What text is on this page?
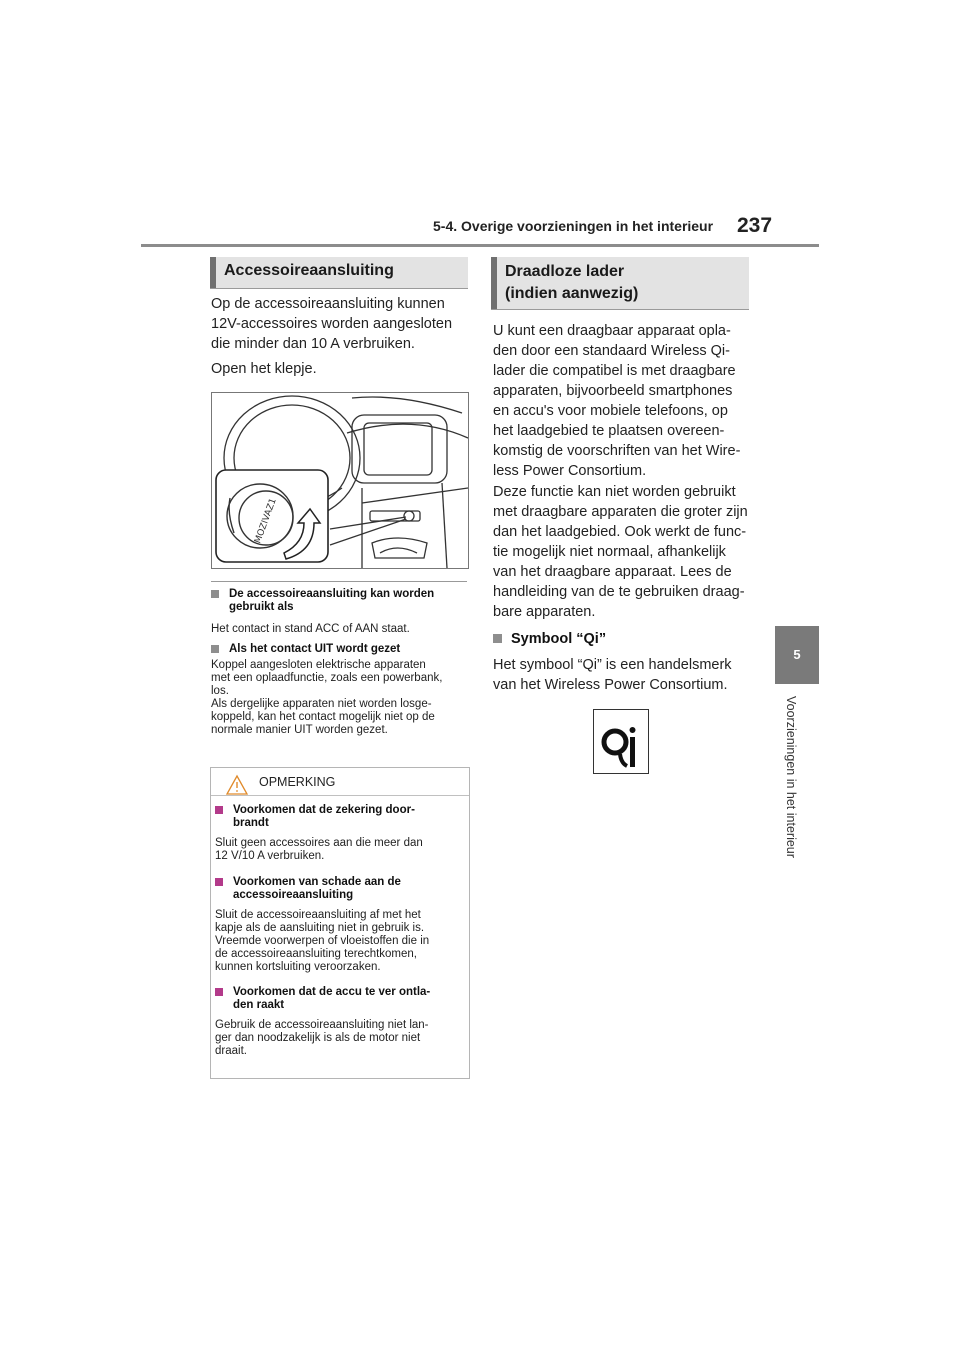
5-4. Overige voorzieningen in het interieur 237
5
Voorzieningen in het interieur
Accessoireaansluiting
Op de accessoireaansluiting kunnen
12V-accessoires worden aangesloten
die minder dan 10 A verbruiken.
Open het klepje.
MOZIVAZ1
De accessoireaansluiting kan worden
gebruikt als
Het contact in stand ACC of AAN staat.
Als het contact UIT wordt gezet
Koppel aangesloten elektrische apparaten
met een oplaadfunctie, zoals een powerbank,
los.
Als dergelijke apparaten niet worden losge-
koppeld, kan het contact mogelijk niet op de
normale manier UIT worden gezet.
OPMERKING
Voorkomen dat de zekering door-
brandt
Sluit geen accessoires aan die meer dan
12 V/10 A verbruiken.
Voorkomen van schade aan de
accessoireaansluiting
Sluit de accessoireaansluiting af met het
kapje als de aansluiting niet in gebruik is.
Vreemde voorwerpen of vloeistoffen die in
de accessoireaansluiting terechtkomen,
kunnen kortsluiting veroorzaken.
Voorkomen dat de accu te ver ontla-
den raakt
Gebruik de accessoireaansluiting niet lan-
ger dan noodzakelijk is als de motor niet
draait.
Draadloze lader
(indien aanwezig)
U kunt een draagbaar apparaat opla-
den door een standaard Wireless Qi-
lader die compatibel is met draagbare
apparaten, bijvoorbeeld smartphones
en accu's voor mobiele telefoons, op
het laadgebied te plaatsen overeen-
komstig de voorschriften van het Wire-
less Power Consortium.
Deze functie kan niet worden gebruikt
met draagbare apparaten die groter zijn
dan het laadgebied. Ook werkt de func-
tie mogelijk niet normaal, afhankelijk
van het draagbare apparaat. Lees de
handleiding van de te gebruiken draag-
bare apparaten.
Symbool “Qi”
Het symbool “Qi” is een handelsmerk
van het Wireless Power Consortium.
